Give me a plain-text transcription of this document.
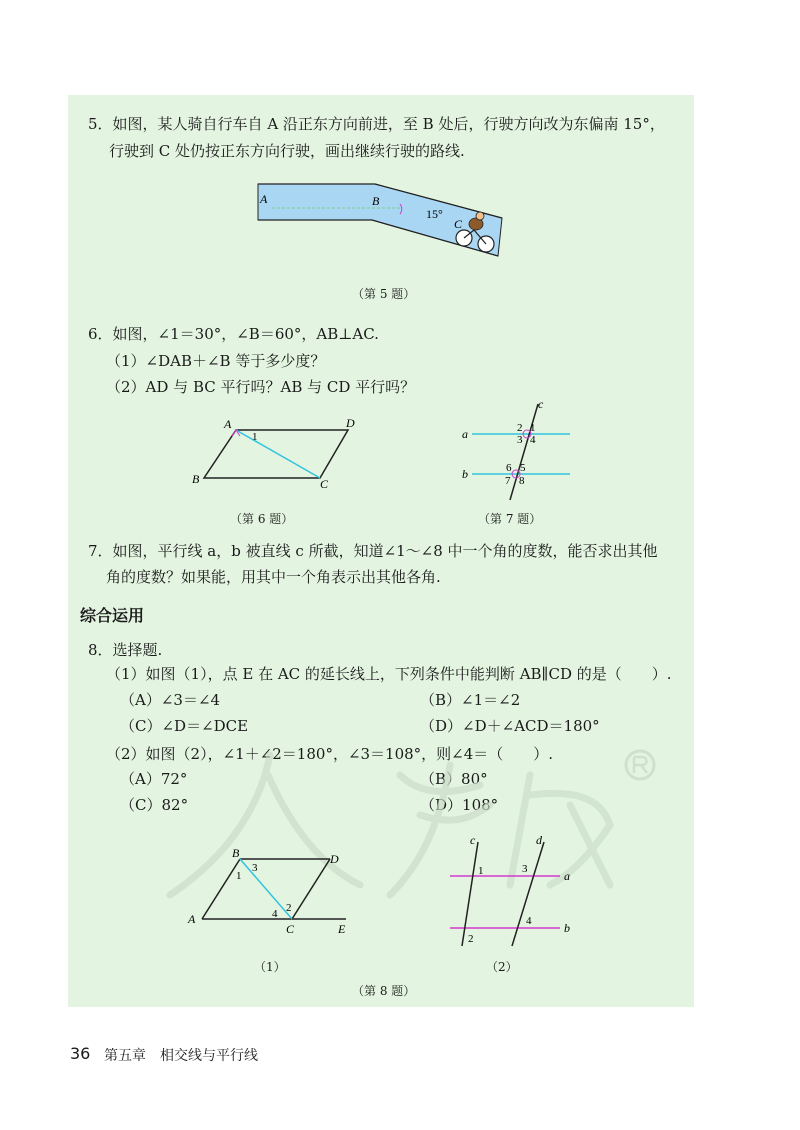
5．如图，某人骑自行车自 A 沿正东方向前进，至 B 处后，行驶方向改为东偏南 15°，
行驶到 C 处仍按正东方向行驶，画出继续行驶的路线.
A	B
15°
C
（第 5 题）
6．如图，∠1＝30°，∠B＝60°，AB⊥AC.
（1）∠DAB＋∠B 等于多少度？
（2）AD 与 BC 平行吗？AB 与 CD 平行吗？
A	D
B	C
1
（第 6 题）
a
b
c
2 1
3 4
6 5
7 8
（第 7 题）
7．如图，平行线 a，b 被直线 c 所截，知道∠1～∠8 中一个角的度数，能否求出其他
角的度数？如果能，用其中一个角表示出其他各角.
综合运用
8．选择题.
（1）如图（1），点 E 在 AC 的延长线上，下列条件中能判断 AB∥CD 的是（　　）.
（A）∠3＝∠4	（B）∠1＝∠2
（C）∠D＝∠DCE	（D）∠D＋∠ACD＝180°
（2）如图（2），∠1＋∠2＝180°，∠3＝108°，则∠4＝（　　）.
（A）72°	（B）80°
（C）82°	（D）108°
B	D
A
C	E
1
2
3
4
（1）
c	d
a
b
1
2
3
4
（2）
（第 8 题）
36 第五章　相交线与平行线
